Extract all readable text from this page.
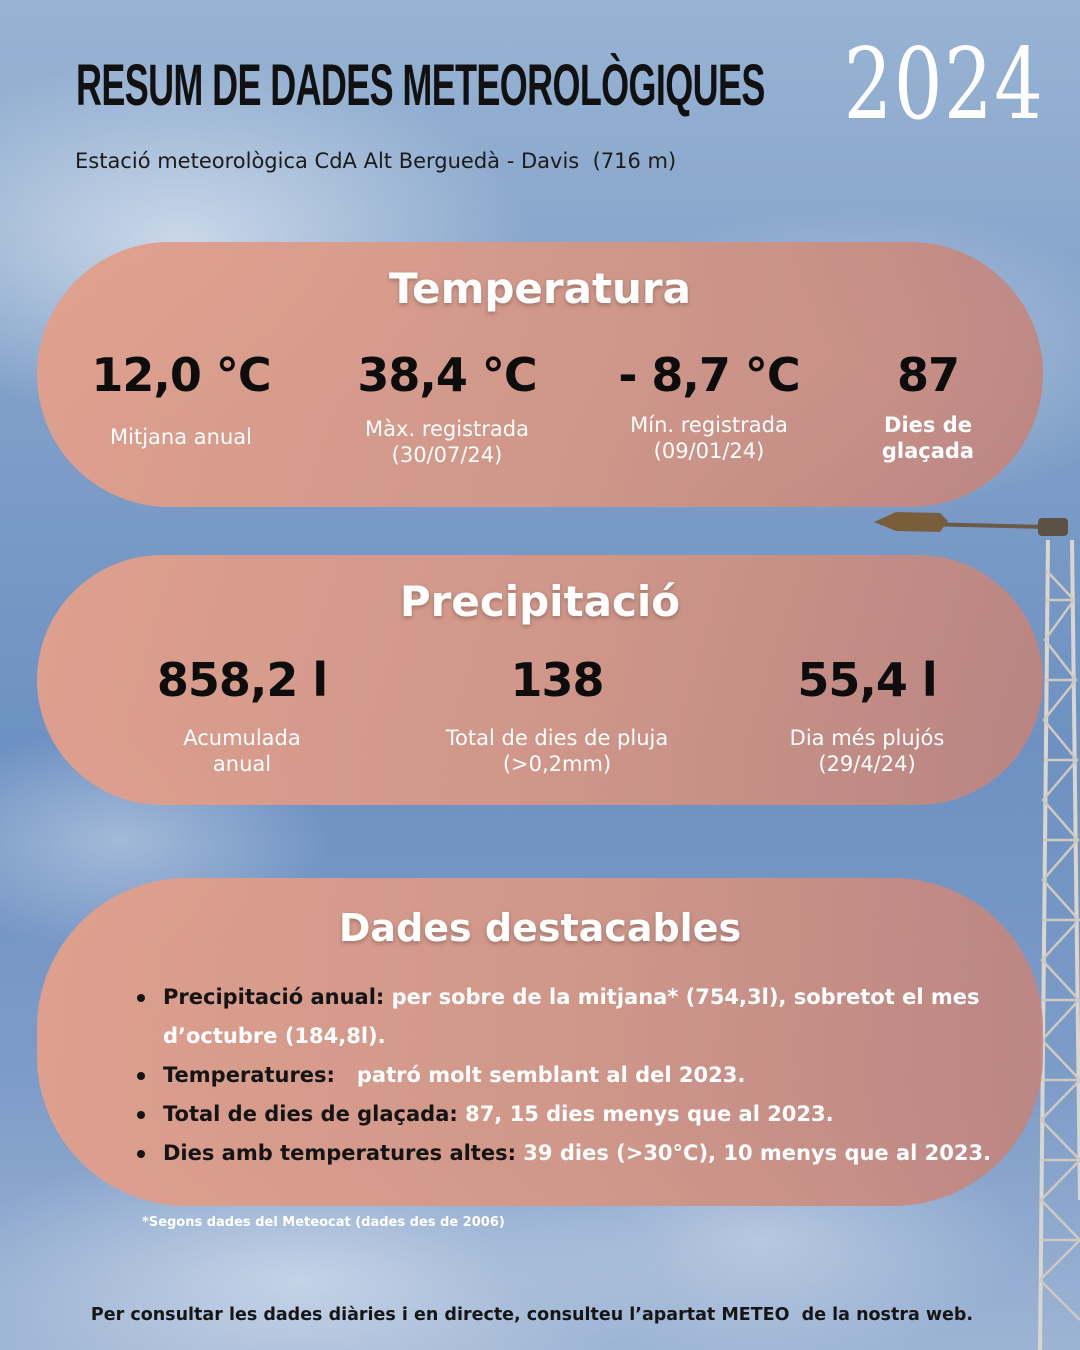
RESUM DE DADES METEOROLÒGIQUES 2024
Estació meteorològica CdA Alt Berguedà - Davis  (716 m)
Temperatura
12,0 °C
Mitjana anual
38,4 °C
Màx. registrada
(30/07/24)
- 8,7 °C
Mín. registrada
(09/01/24)
87
Dies de
glaçada
Precipitació
858,2 l
Acumulada
anual
138
Total de dies de pluja
(>0,2mm)
55,4 l
Dia més plujós
(29/4/24)
Dades destacables
Precipitació anual: per sobre de la mitjana* (754,3l), sobretot el mes d’octubre (184,8l).
Temperatures:   patró molt semblant al del 2023.
Total de dies de glaçada: 87, 15 dies menys que al 2023.
Dies amb temperatures altes: 39 dies (>30°C), 10 menys que al 2023.
*Segons dades del Meteocat (dades des de 2006)
Per consultar les dades diàries i en directe, consulteu l’apartat METEO  de la nostra web.
